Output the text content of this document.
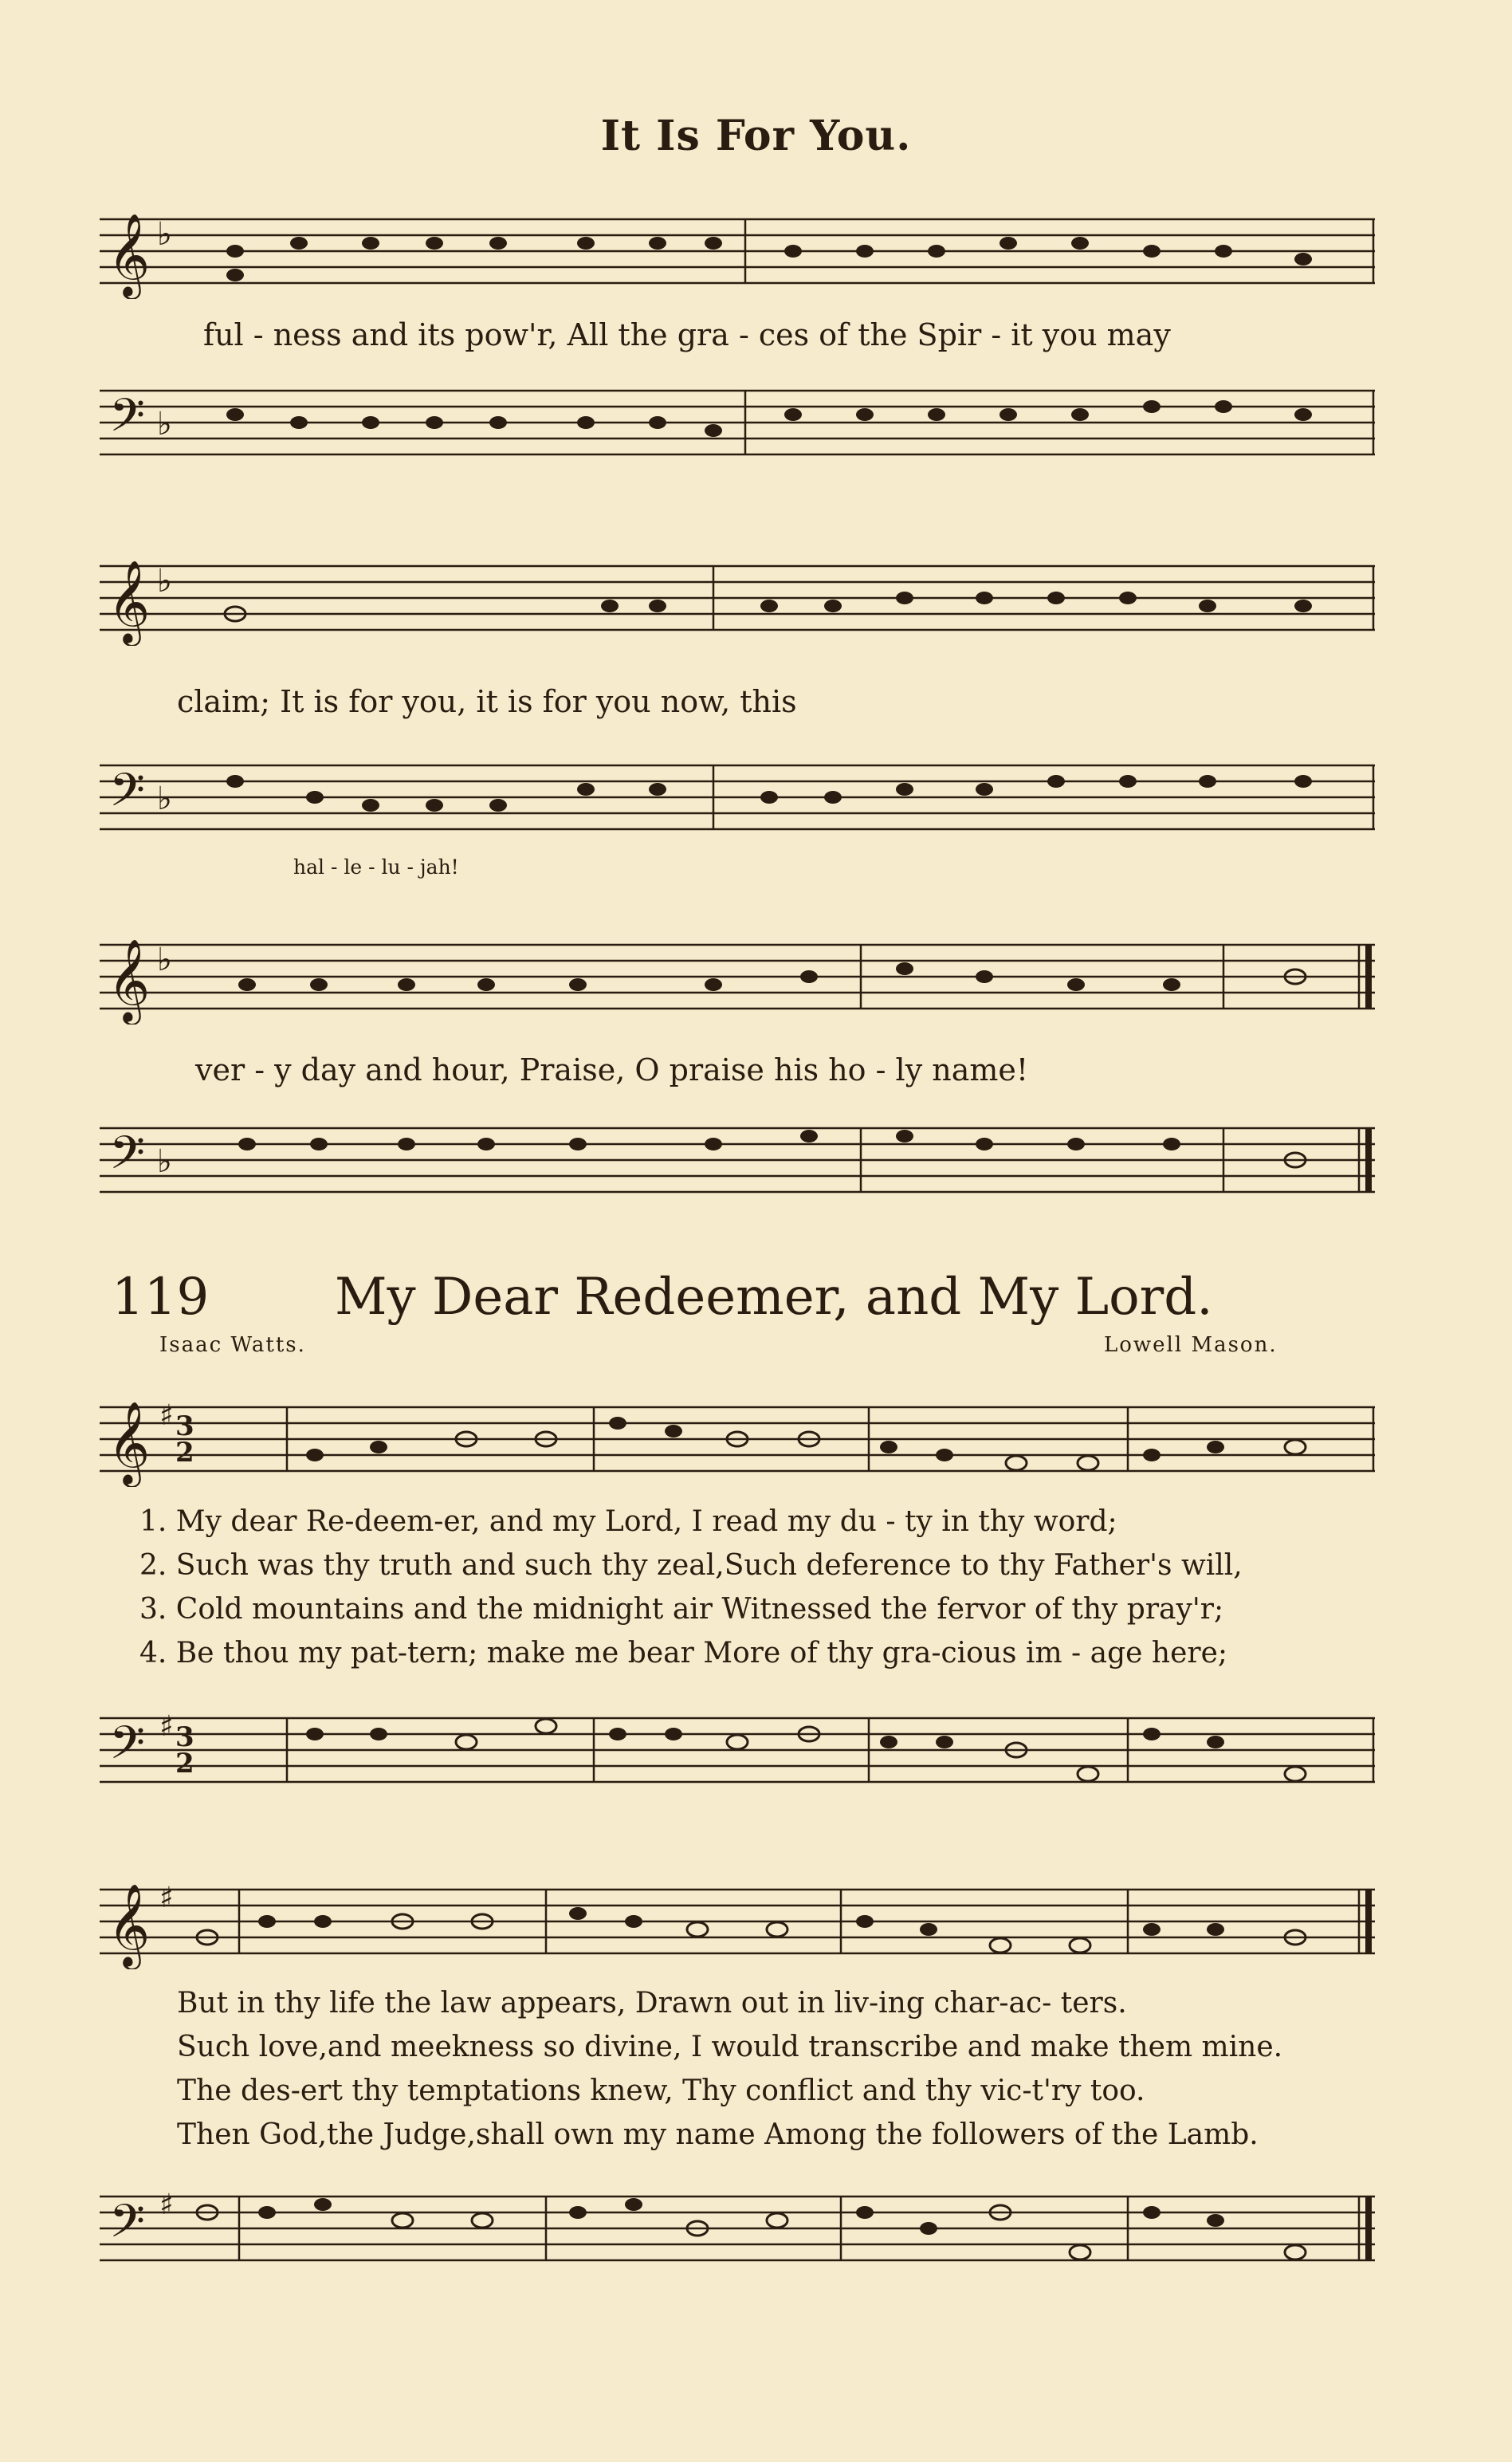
It Is For You.
𝄞 ♭
ful - ness and its pow'r, All the gra - ces of the Spir - it you may
𝄢 ♭
𝄞 ♭
claim; It is for you, it is for you now, this
𝄢 ♭
hal - le - lu - jah!
𝄞 ♭
ver - y day and hour, Praise, O praise his ho - ly name!
𝄢 ♭
119 My Dear Redeemer, and My Lord.
Isaac Watts.	Lowell Mason.
𝄞 ♯ 3
2
1. My dear Re-deem-er, and my Lord, I read my du - ty in thy word;
2. Such was thy truth and such thy zeal,Such deference to thy Father's will,
3. Cold mountains and the midnight air Witnessed the fervor of thy pray'r;
4. Be thou my pat-tern; make me bear More of thy gra-cious im - age here;
𝄢 ♯ 3
2
𝄞 ♯
But in thy life the law appears, Drawn out in liv-ing char-ac- ters.
Such love,and meekness so divine, I would transcribe and make them mine.
The des-ert thy temptations knew, Thy conflict and thy vic-t'ry too.
Then God,the Judge,shall own my name Among the followers of the Lamb.
𝄢 ♯
